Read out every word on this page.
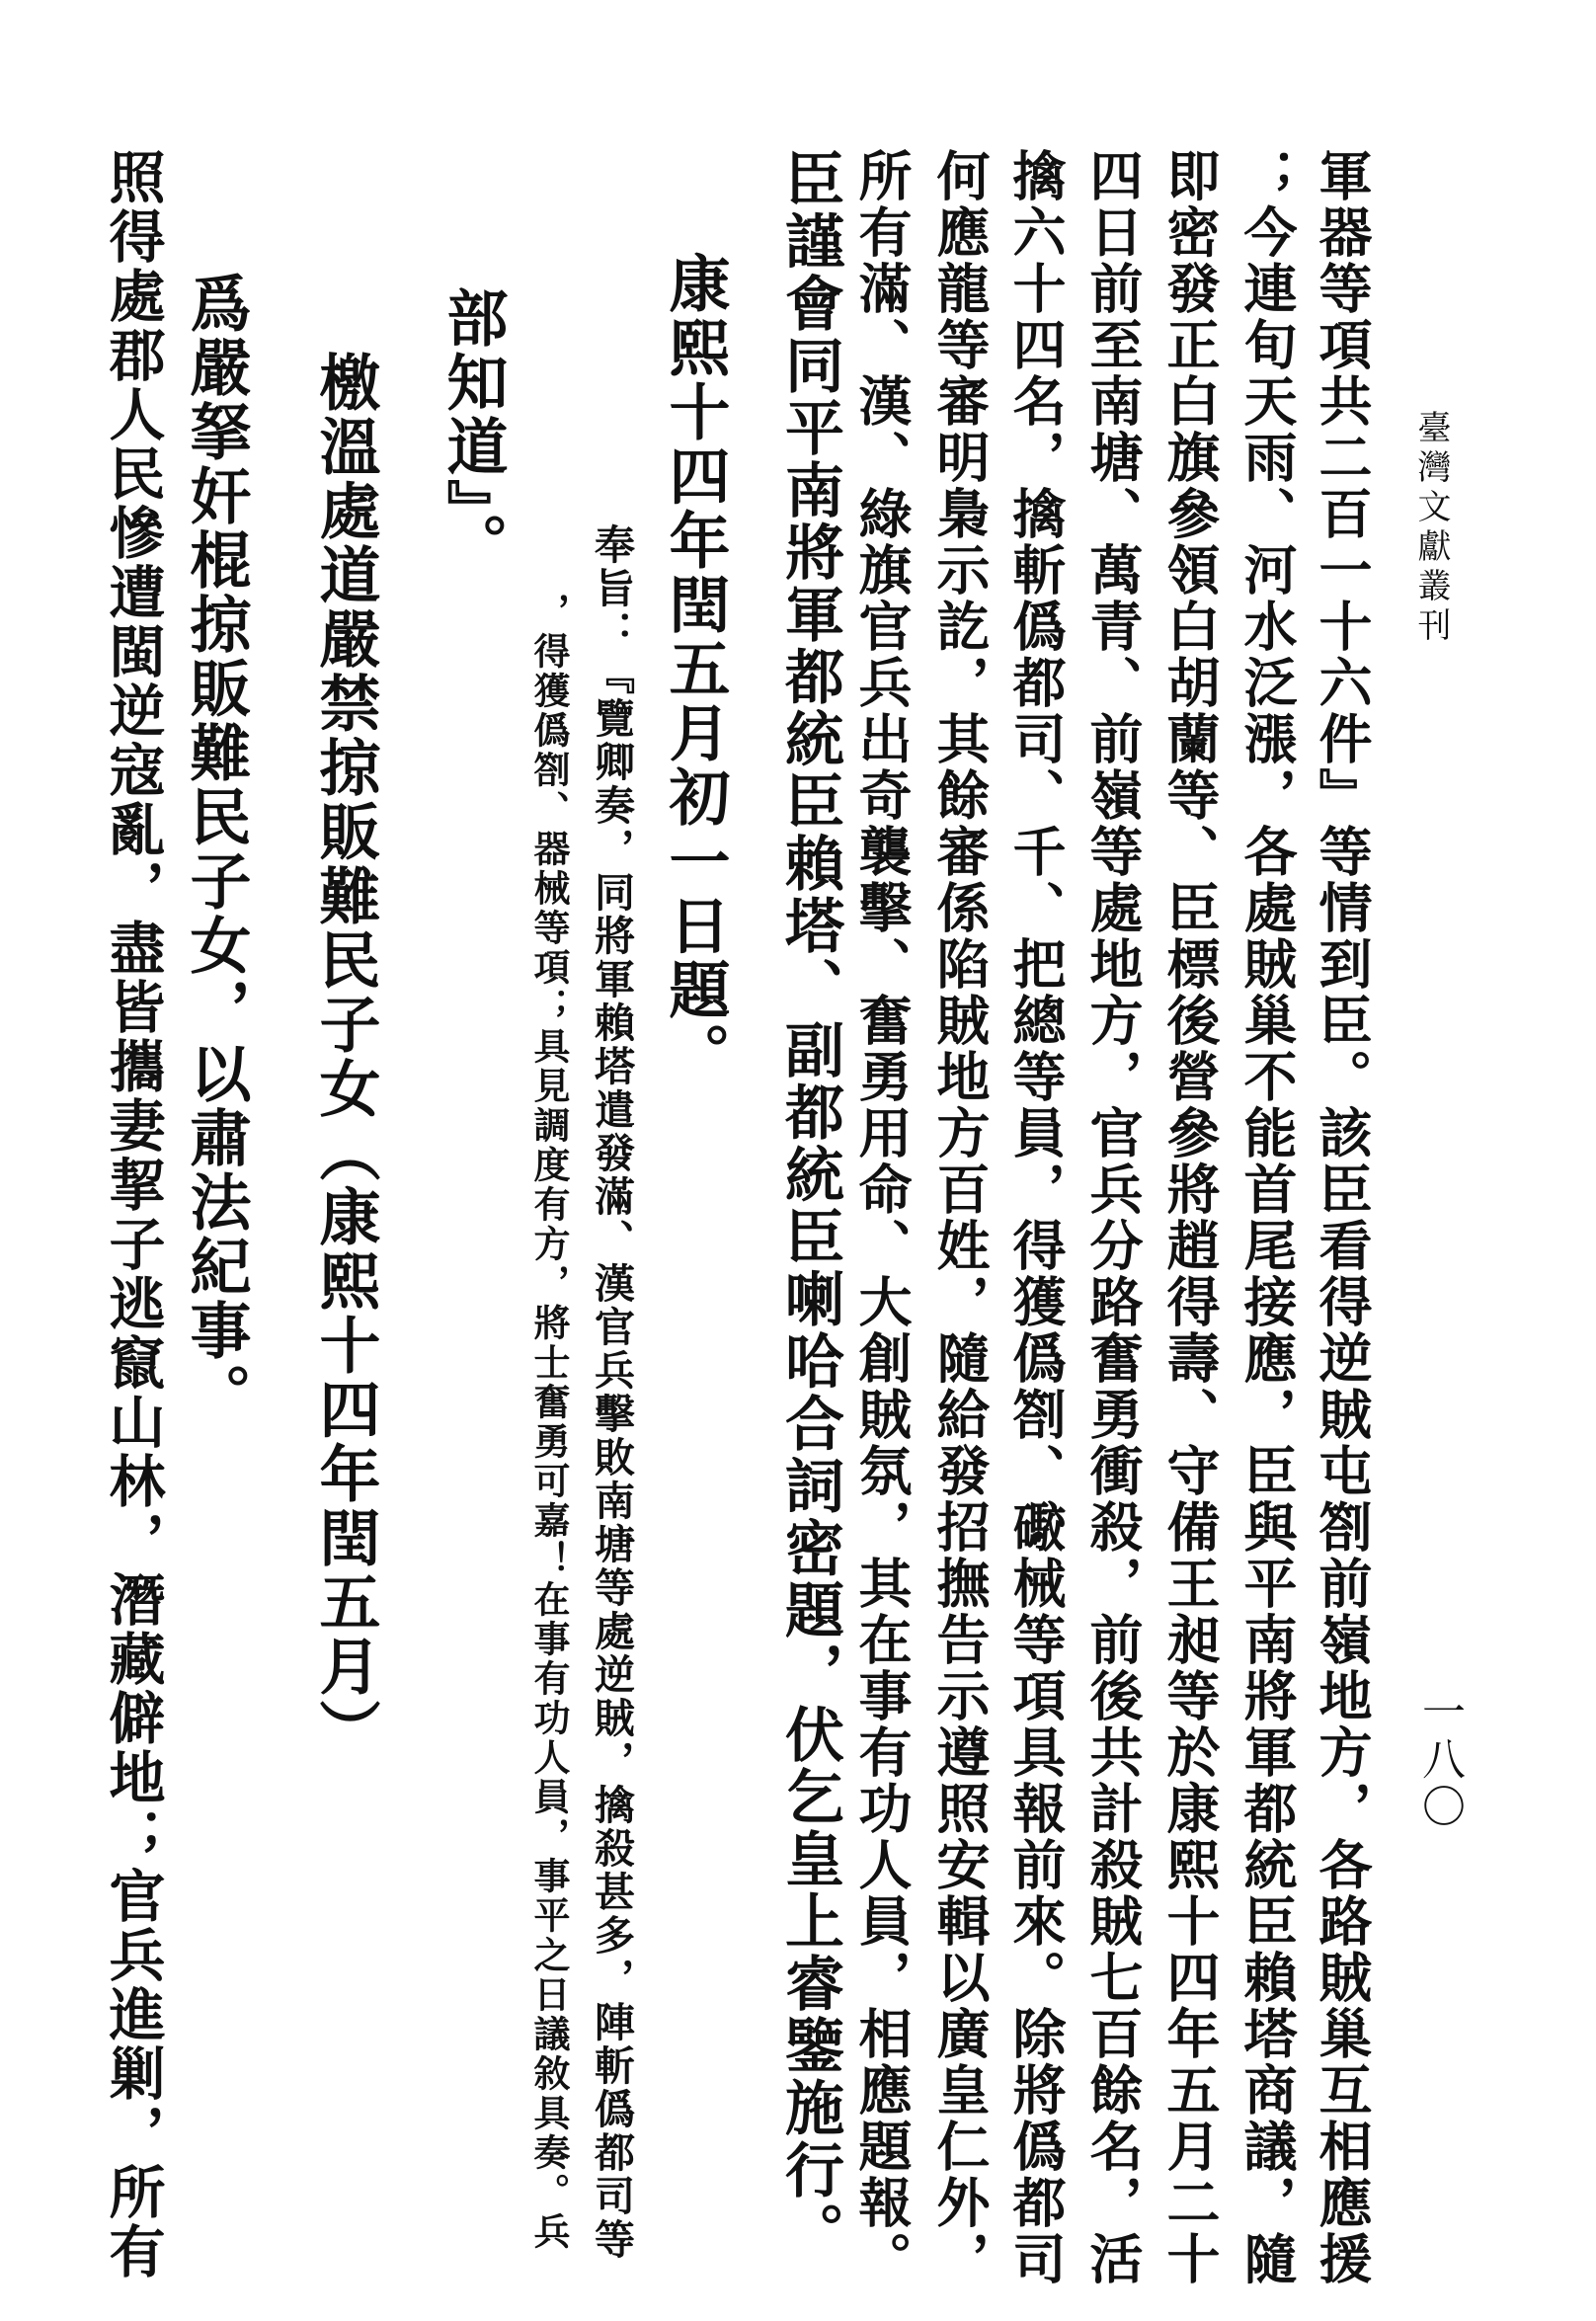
臺灣文獻叢刊
一八〇
軍器等項共二百一十六件』等情到臣。該臣看得逆賊屯劄前嶺地方，各路賊巢互相應援
；今連旬天雨、河水泛漲，各處賊巢不能首尾接應，臣與平南將軍都統臣賴塔商議，隨
即密發正白旗參領白胡蘭等、臣標後營參將趙得壽、守備王昶等於康熙十四年五月二十
四日前至南塘、萬青、前嶺等處地方，官兵分路奮勇衝殺，前後共計殺賊七百餘名，活
擒六十四名，擒斬僞都司、千、把總等員，得獲僞劄、礮械等項具報前來。除將僞都司
何應龍等審明梟示訖，其餘審係陷賊地方百姓，隨給發招撫告示遵照安輯以廣皇仁外，
所有滿、漢、綠旗官兵出奇襲擊、奮勇用命、大創賊氛，其在事有功人員，相應題報。
臣謹會同平南將軍都統臣賴塔、副都統臣喇哈合詞密題，伏乞皇上睿鑒施行。
康熙十四年閏五月初一日題。
奉旨：『覽卿奏，同將軍賴塔遣發滿、漢官兵擊敗南塘等處逆賊，擒殺甚多，陣斬僞都司等
，得獲僞劄、器械等項；具見調度有方，將士奮勇可嘉！在事有功人員，事平之日議敘具奏。兵
部知道』。
檄溫處道嚴禁掠販難民子女（康熙十四年閏五月）
爲嚴拏奸棍掠販難民子女，以肅法紀事。
照得處郡人民慘遭閩逆寇亂，盡皆攜妻挈子逃竄山林，潛藏僻地；官兵進剿，所有
